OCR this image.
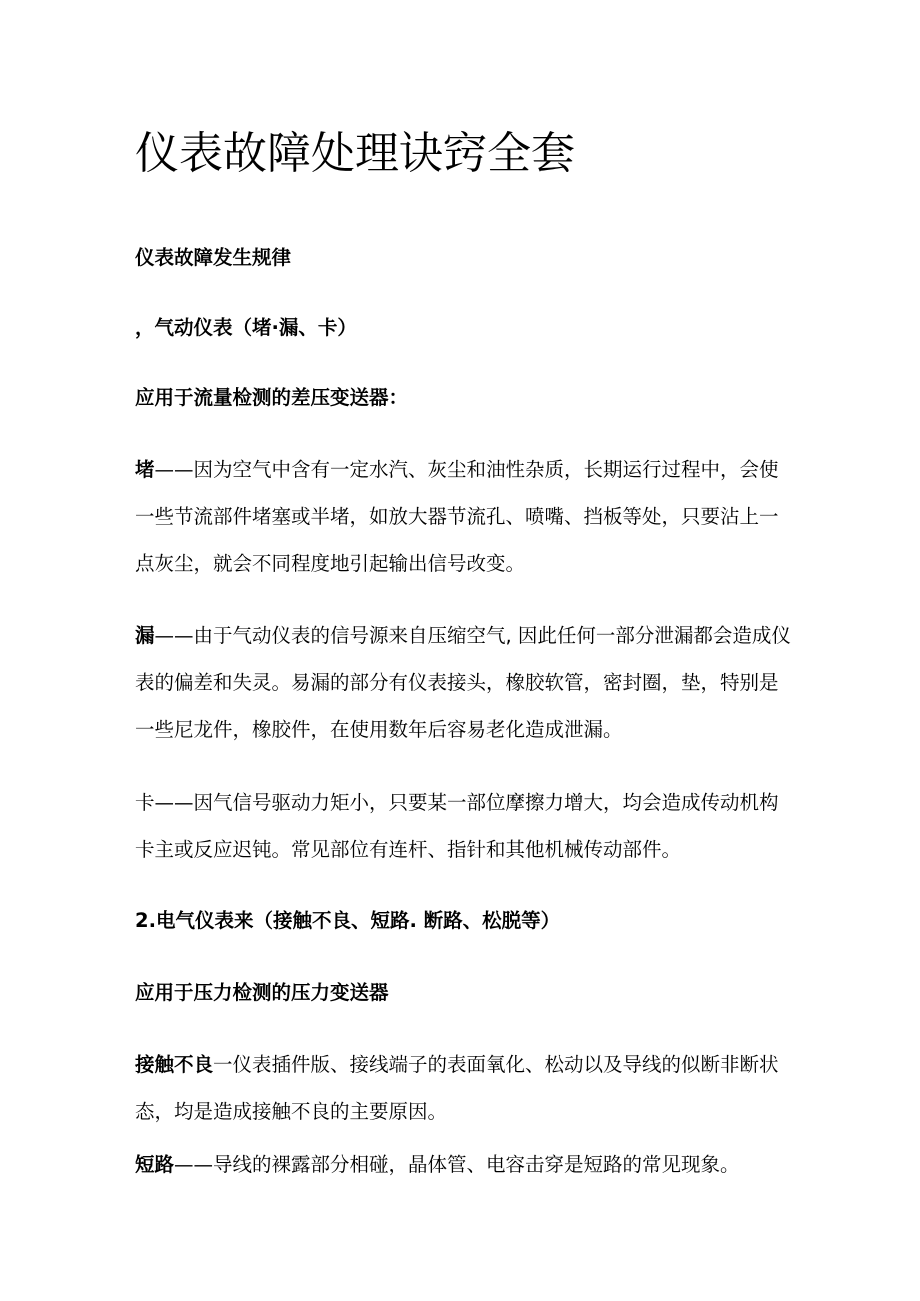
仪表故障处理诀窍全套

仪表故障发生规律

，气动仪表（堵·漏、卡）

应用于流量检测的差压变送器：

堵——因为空气中含有一定水汽、灰尘和油性杂质，长期运行过程中，会使一些节流部件堵塞或半堵，如放大器节流孔、喷嘴、挡板等处，只要沾上一点灰尘，就会不同程度地引起输出信号改变。

漏——由于气动仪表的信号源来自压缩空气, 因此任何一部分泄漏都会造成仪表的偏差和失灵。易漏的部分有仪表接头，橡胶软管，密封圈，垫，特别是一些尼龙件，橡胶件，在使用数年后容易老化造成泄漏。

卡——因气信号驱动力矩小，只要某一部位摩擦力增大，均会造成传动机构卡主或反应迟钝。常见部位有连杆、指针和其他机械传动部件。

2.电气仪表来（接触不良、短路. 断路、松脱等）

应用于压力检测的压力变送器

接触不良一仪表插件版、接线端子的表面氧化、松动以及导线的似断非断状态，均是造成接触不良的主要原因。

短路——导线的裸露部分相碰，晶体管、电容击穿是短路的常见现象。
